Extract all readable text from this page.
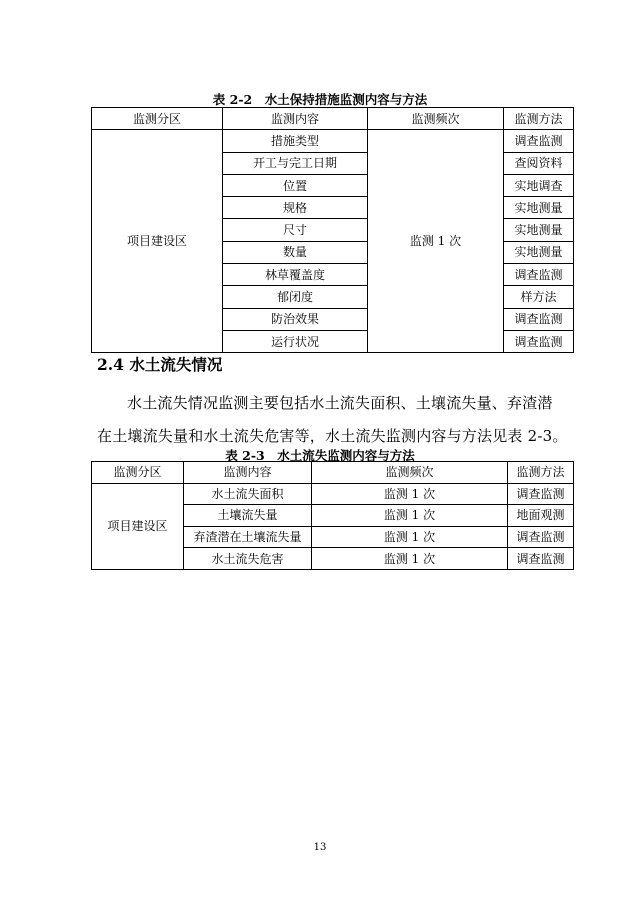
表 2-2　水土保持措施监测内容与方法
监测分区	监测内容	监测频次	监测方法
项目建设区	措施类型	监测 1 次	调查监测
	开工与完工日期		查阅资料
	位置		实地调查
	规格		实地测量
	尺寸		实地测量
	数量		实地测量
	林草覆盖度		调查监测
	郁闭度		样方法
	防治效果		调查监测
	运行状况		调查监测
2.4 水土流失情况
水土流失情况监测主要包括水土流失面积、土壤流失量、弃渣潜
在土壤流失量和水土流失危害等，水土流失监测内容与方法见表 2-3。
表 2-3　水土流失监测内容与方法
监测分区	监测内容	监测频次	监测方法
项目建设区	水土流失面积	监测 1 次	调查监测
	土壤流失量	监测 1 次	地面观测
	弃渣潜在土壤流失量	监测 1 次	调查监测
	水土流失危害	监测 1 次	调查监测
13
